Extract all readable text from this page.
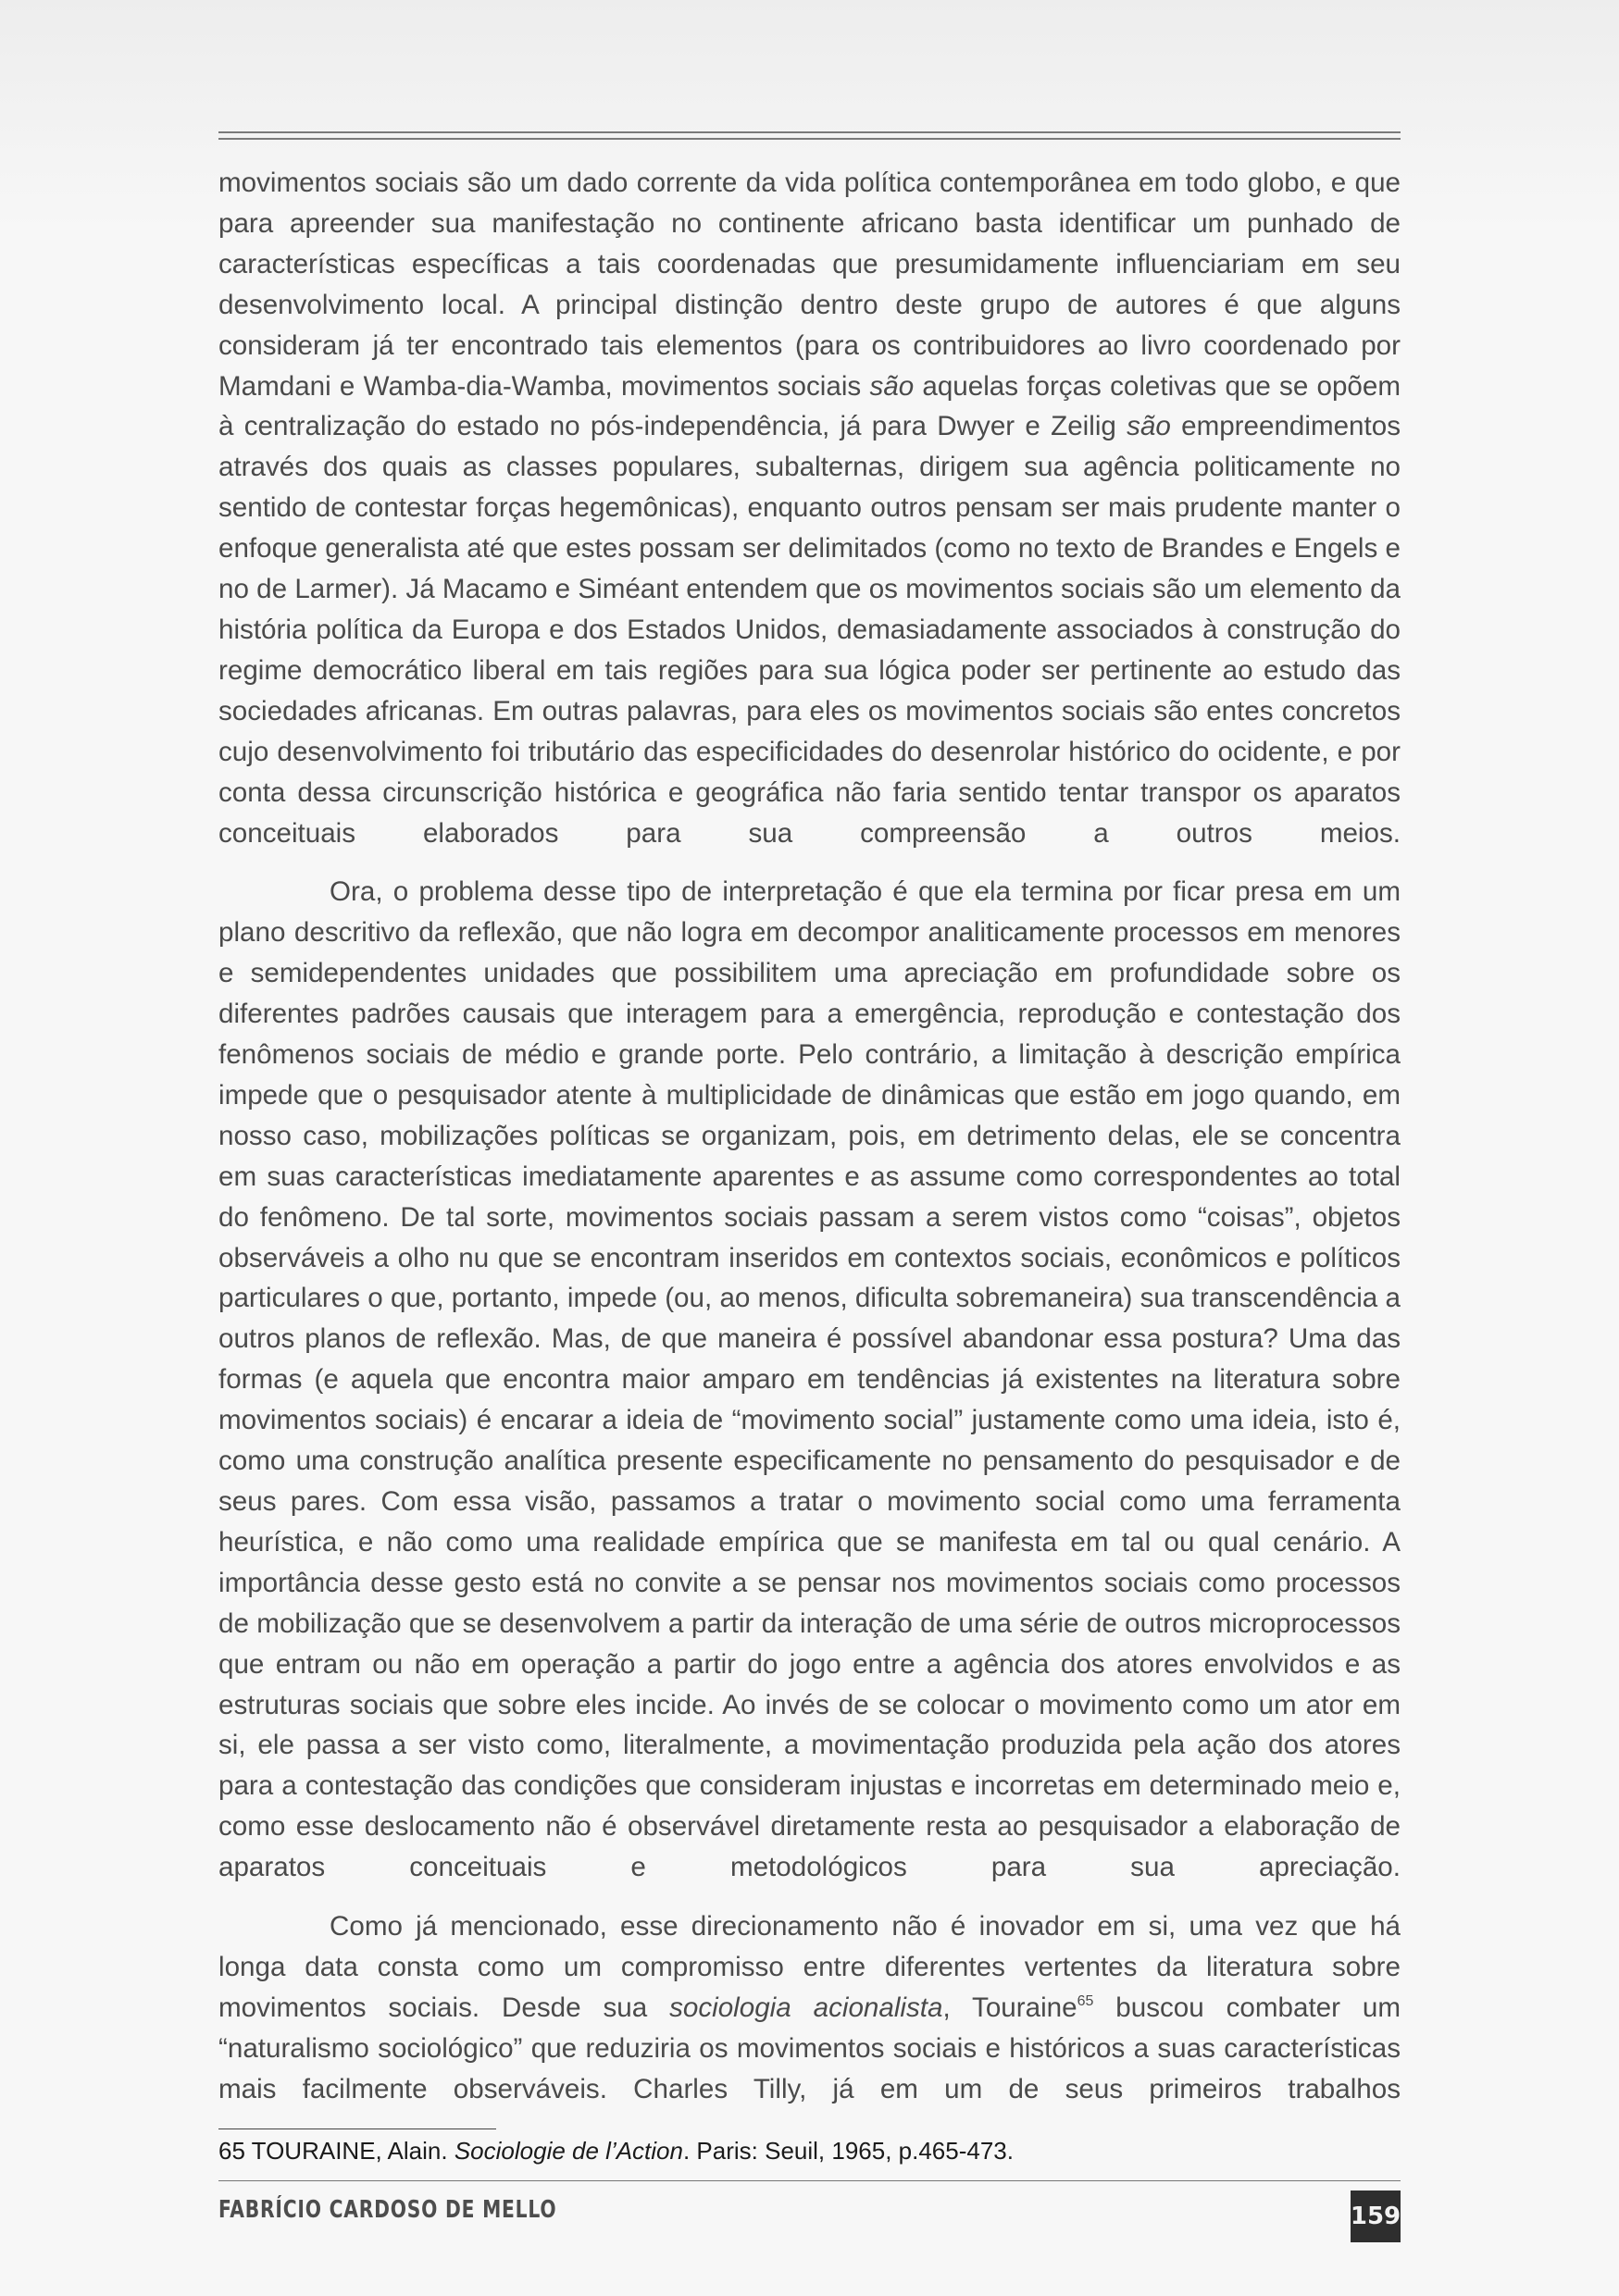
movimentos sociais são um dado corrente da vida política contemporânea em todo globo, e que para apreender sua manifestação no continente africano basta identificar um punhado de características específicas a tais coordenadas que presumidamente influenciariam em seu desenvolvimento local. A principal distinção dentro deste grupo de autores é que alguns consideram já ter encontrado tais elementos (para os contribuidores ao livro coordenado por Mamdani e Wamba-dia-Wamba, movimentos sociais são aquelas forças coletivas que se opõem à centralização do estado no pós-independência, já para Dwyer e Zeilig são empreendimentos através dos quais as classes populares, subalternas, dirigem sua agência politicamente no sentido de contestar forças hegemônicas), enquanto outros pensam ser mais prudente manter o enfoque generalista até que estes possam ser delimitados (como no texto de Brandes e Engels e no de Larmer). Já Macamo e Siméant entendem que os movimentos sociais são um elemento da história política da Europa e dos Estados Unidos, demasiadamente associados à construção do regime democrático liberal em tais regiões para sua lógica poder ser pertinente ao estudo das sociedades africanas. Em outras palavras, para eles os movimentos sociais são entes concretos cujo desenvolvimento foi tributário das especificidades do desenrolar histórico do ocidente, e por conta dessa circunscrição histórica e geográfica não faria sentido tentar transpor os aparatos conceituais elaborados para sua compreensão a outros meios.

Ora, o problema desse tipo de interpretação é que ela termina por ficar presa em um plano descritivo da reflexão, que não logra em decompor analiticamente processos em menores e semidependentes unidades que possibilitem uma apreciação em profundidade sobre os diferentes padrões causais que interagem para a emergência, reprodução e contestação dos fenômenos sociais de médio e grande porte. Pelo contrário, a limitação à descrição empírica impede que o pesquisador atente à multiplicidade de dinâmicas que estão em jogo quando, em nosso caso, mobilizações políticas se organizam, pois, em detrimento delas, ele se concentra em suas características imediatamente aparentes e as assume como correspondentes ao total do fenômeno. De tal sorte, movimentos sociais passam a serem vistos como “coisas”, objetos observáveis a olho nu que se encontram inseridos em contextos sociais, econômicos e políticos particulares o que, portanto, impede (ou, ao menos, dificulta sobremaneira) sua transcendência a outros planos de reflexão. Mas, de que maneira é possível abandonar essa postura? Uma das formas (e aquela que encontra maior amparo em tendências já existentes na literatura sobre movimentos sociais) é encarar a ideia de “movimento social” justamente como uma ideia, isto é, como uma construção analítica presente especificamente no pensamento do pesquisador e de seus pares. Com essa visão, passamos a tratar o movimento social como uma ferramenta heurística, e não como uma realidade empírica que se manifesta em tal ou qual cenário. A importância desse gesto está no convite a se pensar nos movimentos sociais como processos de mobilização que se desenvolvem a partir da interação de uma série de outros microprocessos que entram ou não em operação a partir do jogo entre a agência dos atores envolvidos e as estruturas sociais que sobre eles incide. Ao invés de se colocar o movimento como um ator em si, ele passa a ser visto como, literalmente, a movimentação produzida pela ação dos atores para a contestação das condições que consideram injustas e incorretas em determinado meio e, como esse deslocamento não é observável diretamente resta ao pesquisador a elaboração de aparatos conceituais e metodológicos para sua apreciação.

Como já mencionado, esse direcionamento não é inovador em si, uma vez que há longa data consta como um compromisso entre diferentes vertentes da literatura sobre movimentos sociais. Desde sua sociologia acionalista, Touraine$^{65}$ buscou combater um “naturalismo sociológico” que reduziria os movimentos sociais e históricos a suas características mais facilmente observáveis. Charles Tilly, já em um de seus primeiros trabalhos

65 TOURAINE, Alain. Sociologie de l’Action. Paris: Seuil, 1965, p.465-473.
FABRÍCIO CARDOSO DE MELLO	159
